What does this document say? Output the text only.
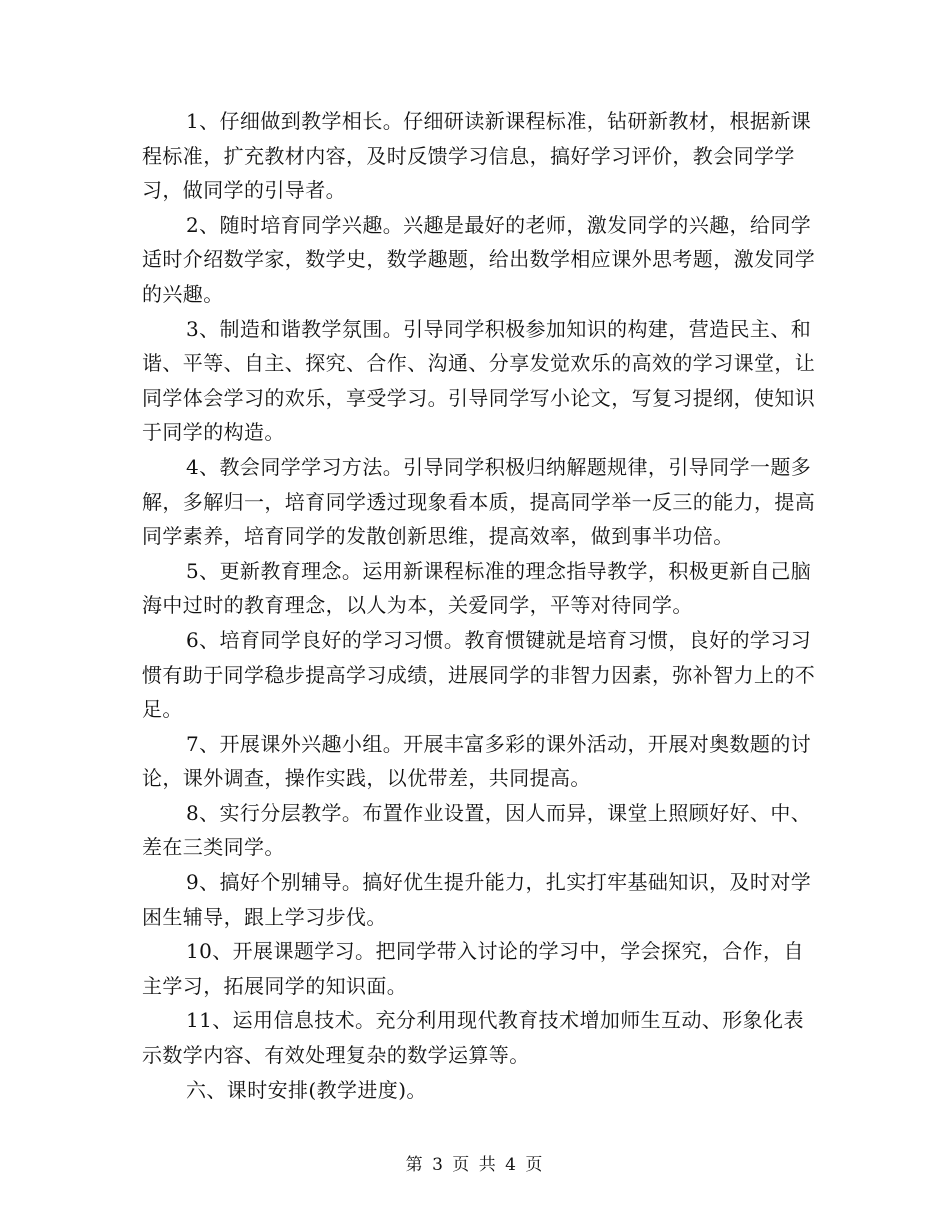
1、仔细做到教学相长。仔细研读新课程标准，钻研新教材，根据新课程标准，扩充教材内容，及时反馈学习信息，搞好学习评价，教会同学学习，做同学的引导者。

2、随时培育同学兴趣。兴趣是最好的老师，激发同学的兴趣，给同学适时介绍数学家，数学史，数学趣题，给出数学相应课外思考题，激发同学的兴趣。

3、制造和谐教学氛围。引导同学积极参加知识的构建，营造民主、和谐、平等、自主、探究、合作、沟通、分享发觉欢乐的高效的学习课堂，让同学体会学习的欢乐，享受学习。引导同学写小论文，写复习提纲，使知识于同学的构造。

4、教会同学学习方法。引导同学积极归纳解题规律，引导同学一题多解，多解归一，培育同学透过现象看本质，提高同学举一反三的能力，提高同学素养，培育同学的发散创新思维，提高效率，做到事半功倍。

5、更新教育理念。运用新课程标准的理念指导教学，积极更新自己脑海中过时的教育理念，以人为本，关爱同学，平等对待同学。

6、培育同学良好的学习习惯。教育惯键就是培育习惯，良好的学习习惯有助于同学稳步提高学习成绩，进展同学的非智力因素，弥补智力上的不足。

7、开展课外兴趣小组。开展丰富多彩的课外活动，开展对奥数题的讨论，课外调查，操作实践，以优带差，共同提高。

8、实行分层教学。布置作业设置，因人而异，课堂上照顾好好、中、差在三类同学。

9、搞好个别辅导。搞好优生提升能力，扎实打牢基础知识，及时对学困生辅导，跟上学习步伐。

10、开展课题学习。把同学带入讨论的学习中，学会探究，合作，自主学习，拓展同学的知识面。

11、运用信息技术。充分利用现代教育技术增加师生互动、形象化表示数学内容、有效处理复杂的数学运算等。

六、课时安排(教学进度)。

第 3 页 共 4 页
